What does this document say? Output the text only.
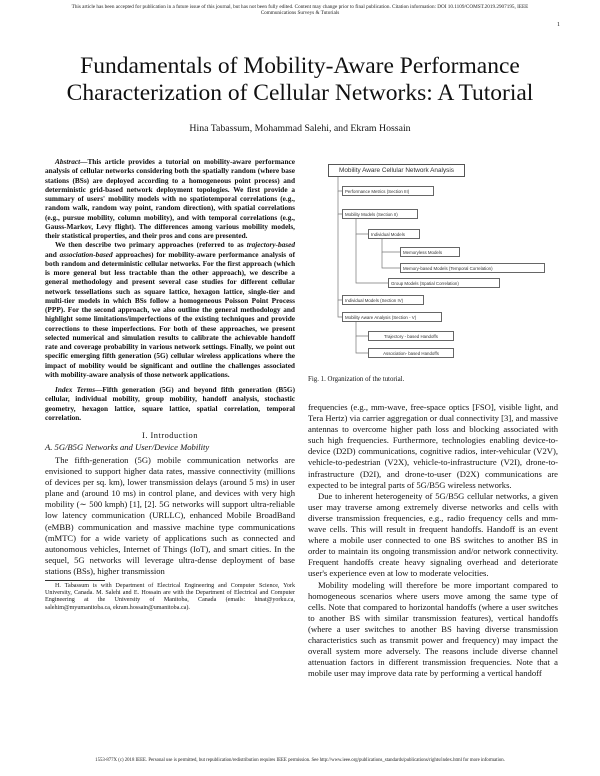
This article has been accepted for publication in a future issue of this journal, but has not been fully edited. Content may change prior to final publication. Citation information: DOI 10.1109/COMST.2019.2907195, IEEE
Communications Surveys & Tutorials
1
Fundamentals of Mobility-Aware Performance
Characterization of Cellular Networks: A Tutorial
Hina Tabassum, Mohammad Salehi, and Ekram Hossain

Abstract—This article provides a tutorial on mobility-aware performance analysis of cellular networks considering both the spatially random (where base stations (BSs) are deployed according to a homogeneous point process) and deterministic grid-based network deployment topologies. We first provide a summary of users' mobility models with no spatiotemporal correlations (e.g., random walk, random way point, random direction), with spatial correlations (e.g., pursue mobility, column mobility), and with temporal correlations (e.g., Gauss-Markov, Levy flight). The differences among various mobility models, their statistical properties, and their pros and cons are presented.

We then describe two primary approaches (referred to as trajectory-based and association-based approaches) for mobility-aware performance analysis of both random and deterministic cellular networks. For the first approach (which is more general but less tractable than the other approach), we describe a general methodology and present several case studies for different cellular network tessellations such as square lattice, hexagon lattice, single-tier and multi-tier models in which BSs follow a homogeneous Poisson Point Process (PPP). For the second approach, we also outline the general methodology and highlight some limitations/imperfections of the existing techniques and provide corrections to these imperfections. For both of these approaches, we present selected numerical and simulation results to calibrate the achievable handoff rate and coverage probability in various network settings. Finally, we point out specific emerging fifth generation (5G) cellular wireless applications where the impact of mobility would be significant and outline the challenges associated with mobility-aware analysis of those network applications.

Index Terms—Fifth generation (5G) and beyond fifth generation (B5G) cellular, individual mobility, group mobility, handoff analysis, stochastic geometry, hexagon lattice, square lattice, spatial correlation, temporal correlation.

I. Introduction
A. 5G/B5G Networks and User/Device Mobility

The fifth-generation (5G) mobile communication networks are envisioned to support higher data rates, massive connectivity (millions of devices per sq. km), lower transmission delays (around 5 ms) in user plane and (around 10 ms) in control plane, and devices with very high mobility (∼ 500 kmph) [1], [2]. 5G networks will support ultra-reliable low latency communication (URLLC), enhanced Mobile BroadBand (eMBB) communication and massive machine type communications (mMTC) for a wide variety of applications such as connected and autonomous vehicles, Internet of Things (IoT), and smart cities. In the sequel, 5G networks will leverage ultra-dense deployment of base stations (BSs), higher transmission

H. Tabassum is with Department of Electrical Engineering and Computer Science, York University, Canada. M. Salehi and E. Hossain are with the Department of Electrical and Computer Engineering at the University of Manitoba, Canada (emails: hinat@yorku.ca, salehim@myumanitoba.ca, ekram.hossain@umanitoba.ca).
Mobility Aware Cellular Network Analysis
Performance Metrics (Section III)
Mobility Models (Section II)
Individual Models
Memoryless Models
Memory-based Models (Temporal Correlation)
Group Models (Spatial Correlation)
Individual Models (Section IV)
Mobility Aware Analysis (Section - V)
Trajectory - based Handoffs
Association- based Handoffs
Fig. 1. Organization of the tutorial.

frequencies (e.g., mm-wave, free-space optics [FSO], visible light, and Tera Hertz) via carrier aggregation or dual connectivity [3], and massive antennas to overcome higher path loss and blocking associated with such high frequencies. Furthermore, technologies enabling device-to-device (D2D) communications, cognitive radios, inter-vehicular (V2V), vehicle-to-pedestrian (V2X), vehicle-to-infrastructure (V2I), drone-to-infrastructure (D2I), and drone-to-user (D2X) communications are expected to be integral parts of 5G/B5G wireless networks.

Due to inherent heterogeneity of 5G/B5G cellular networks, a given user may traverse among extremely diverse networks and cells with diverse transmission frequencies, e.g., radio frequency cells and mm-wave cells. This will result in frequent handoffs. Handoff is an event where a mobile user connected to one BS switches to another BS in order to maintain its ongoing transmission and/or network connectivity. Frequent handoffs create heavy signaling overhead and deteriorate user's experience even at low to moderate velocities.

Mobility modeling will therefore be more important compared to homogeneous scenarios where users move among the same type of cells. Note that compared to horizontal handoffs (where a user switches to another BS with similar transmission features), vertical handoffs (where a user switches to another BS having diverse transmission characteristics such as transmit power and frequency) may impact the overall system more adversely. The reasons include diverse channel attenuation factors in different transmission frequencies. Note that a mobile user may improve data rate by performing a vertical handoff

1553-877X (c) 2018 IEEE. Personal use is permitted, but republication/redistribution requires IEEE permission. See http://www.ieee.org/publications_standards/publications/rights/index.html for more information.
